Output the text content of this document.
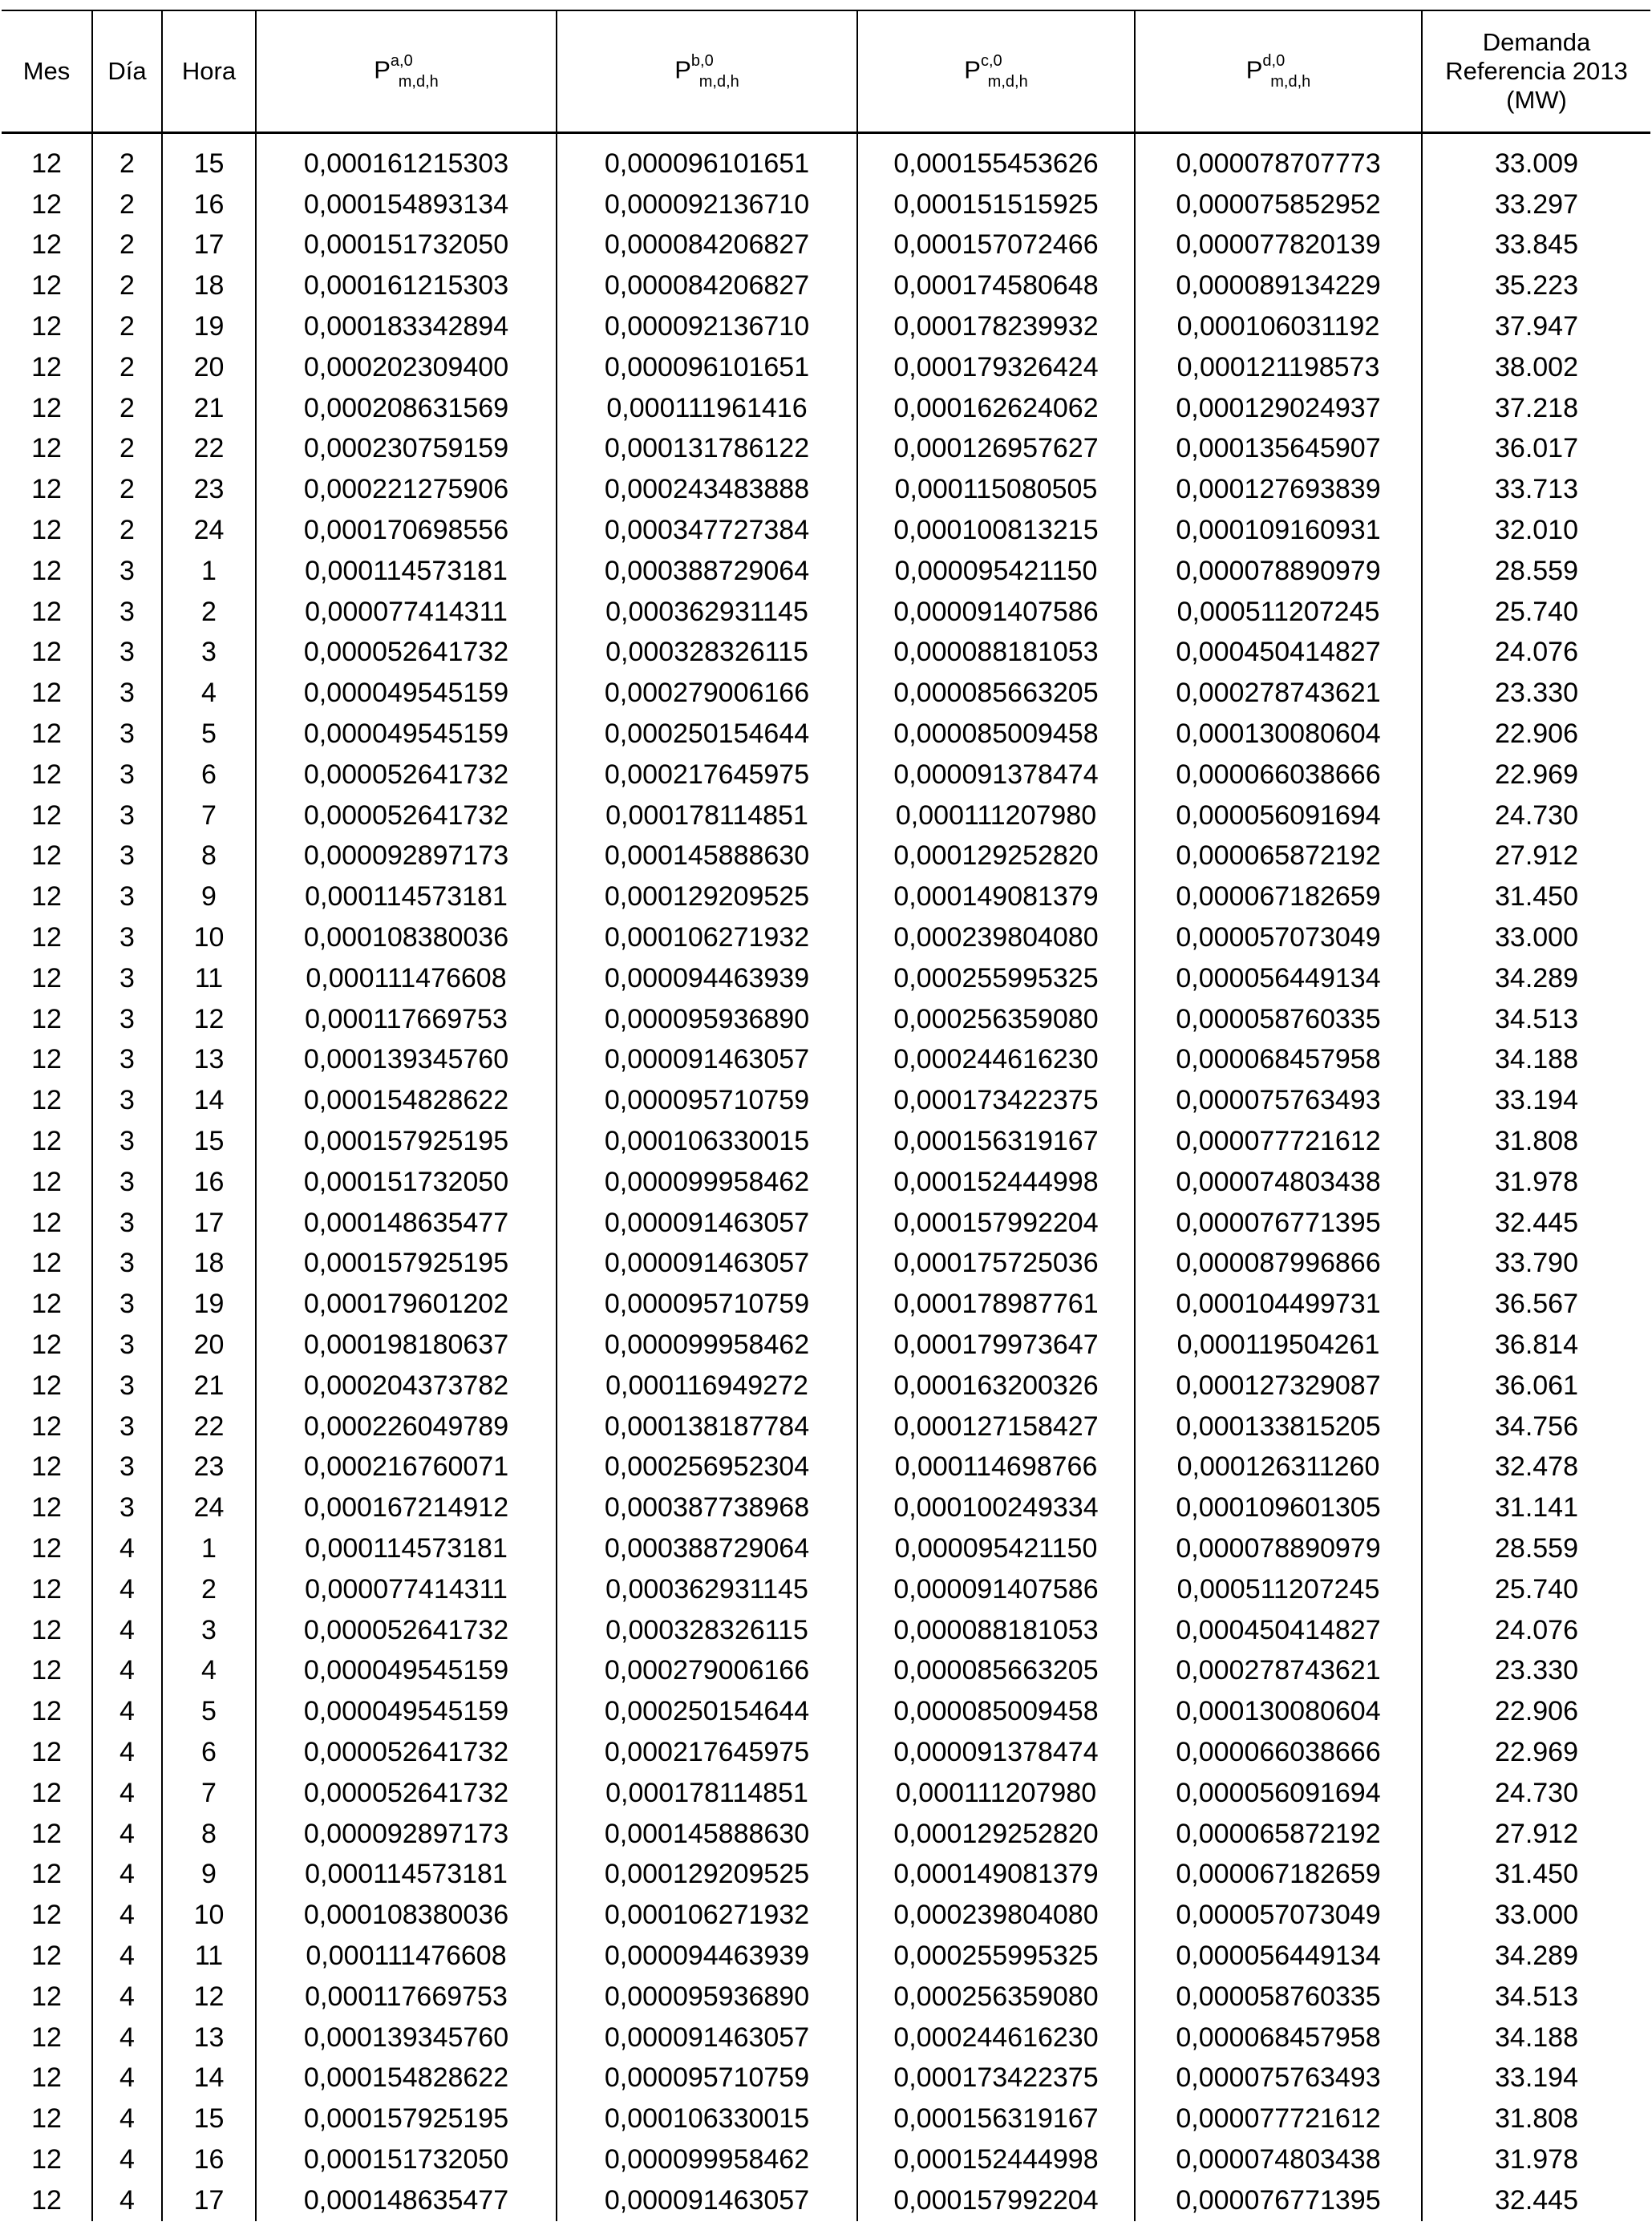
Mes	Día	Hora	P$^{a,0}_{m,d,h}$	P$^{b,0}_{m,d,h}$	P$^{c,0}_{m,d,h}$	P$^{d,0}_{m,d,h}$	Demanda
Referencia 2013
(MW)

12	2	15	0,000161215303	0,000096101651	0,000155453626	0,000078707773	33.009
12	2	16	0,000154893134	0,000092136710	0,000151515925	0,000075852952	33.297
12	2	17	0,000151732050	0,000084206827	0,000157072466	0,000077820139	33.845
12	2	18	0,000161215303	0,000084206827	0,000174580648	0,000089134229	35.223
12	2	19	0,000183342894	0,000092136710	0,000178239932	0,000106031192	37.947
12	2	20	0,000202309400	0,000096101651	0,000179326424	0,000121198573	38.002
12	2	21	0,000208631569	0,000111961416	0,000162624062	0,000129024937	37.218
12	2	22	0,000230759159	0,000131786122	0,000126957627	0,000135645907	36.017
12	2	23	0,000221275906	0,000243483888	0,000115080505	0,000127693839	33.713
12	2	24	0,000170698556	0,000347727384	0,000100813215	0,000109160931	32.010
12	3	1	0,000114573181	0,000388729064	0,000095421150	0,000078890979	28.559
12	3	2	0,000077414311	0,000362931145	0,000091407586	0,000511207245	25.740
12	3	3	0,000052641732	0,000328326115	0,000088181053	0,000450414827	24.076
12	3	4	0,000049545159	0,000279006166	0,000085663205	0,000278743621	23.330
12	3	5	0,000049545159	0,000250154644	0,000085009458	0,000130080604	22.906
12	3	6	0,000052641732	0,000217645975	0,000091378474	0,000066038666	22.969
12	3	7	0,000052641732	0,000178114851	0,000111207980	0,000056091694	24.730
12	3	8	0,000092897173	0,000145888630	0,000129252820	0,000065872192	27.912
12	3	9	0,000114573181	0,000129209525	0,000149081379	0,000067182659	31.450
12	3	10	0,000108380036	0,000106271932	0,000239804080	0,000057073049	33.000
12	3	11	0,000111476608	0,000094463939	0,000255995325	0,000056449134	34.289
12	3	12	0,000117669753	0,000095936890	0,000256359080	0,000058760335	34.513
12	3	13	0,000139345760	0,000091463057	0,000244616230	0,000068457958	34.188
12	3	14	0,000154828622	0,000095710759	0,000173422375	0,000075763493	33.194
12	3	15	0,000157925195	0,000106330015	0,000156319167	0,000077721612	31.808
12	3	16	0,000151732050	0,000099958462	0,000152444998	0,000074803438	31.978
12	3	17	0,000148635477	0,000091463057	0,000157992204	0,000076771395	32.445
12	3	18	0,000157925195	0,000091463057	0,000175725036	0,000087996866	33.790
12	3	19	0,000179601202	0,000095710759	0,000178987761	0,000104499731	36.567
12	3	20	0,000198180637	0,000099958462	0,000179973647	0,000119504261	36.814
12	3	21	0,000204373782	0,000116949272	0,000163200326	0,000127329087	36.061
12	3	22	0,000226049789	0,000138187784	0,000127158427	0,000133815205	34.756
12	3	23	0,000216760071	0,000256952304	0,000114698766	0,000126311260	32.478
12	3	24	0,000167214912	0,000387738968	0,000100249334	0,000109601305	31.141
12	4	1	0,000114573181	0,000388729064	0,000095421150	0,000078890979	28.559
12	4	2	0,000077414311	0,000362931145	0,000091407586	0,000511207245	25.740
12	4	3	0,000052641732	0,000328326115	0,000088181053	0,000450414827	24.076
12	4	4	0,000049545159	0,000279006166	0,000085663205	0,000278743621	23.330
12	4	5	0,000049545159	0,000250154644	0,000085009458	0,000130080604	22.906
12	4	6	0,000052641732	0,000217645975	0,000091378474	0,000066038666	22.969
12	4	7	0,000052641732	0,000178114851	0,000111207980	0,000056091694	24.730
12	4	8	0,000092897173	0,000145888630	0,000129252820	0,000065872192	27.912
12	4	9	0,000114573181	0,000129209525	0,000149081379	0,000067182659	31.450
12	4	10	0,000108380036	0,000106271932	0,000239804080	0,000057073049	33.000
12	4	11	0,000111476608	0,000094463939	0,000255995325	0,000056449134	34.289
12	4	12	0,000117669753	0,000095936890	0,000256359080	0,000058760335	34.513
12	4	13	0,000139345760	0,000091463057	0,000244616230	0,000068457958	34.188
12	4	14	0,000154828622	0,000095710759	0,000173422375	0,000075763493	33.194
12	4	15	0,000157925195	0,000106330015	0,000156319167	0,000077721612	31.808
12	4	16	0,000151732050	0,000099958462	0,000152444998	0,000074803438	31.978
12	4	17	0,000148635477	0,000091463057	0,000157992204	0,000076771395	32.445
